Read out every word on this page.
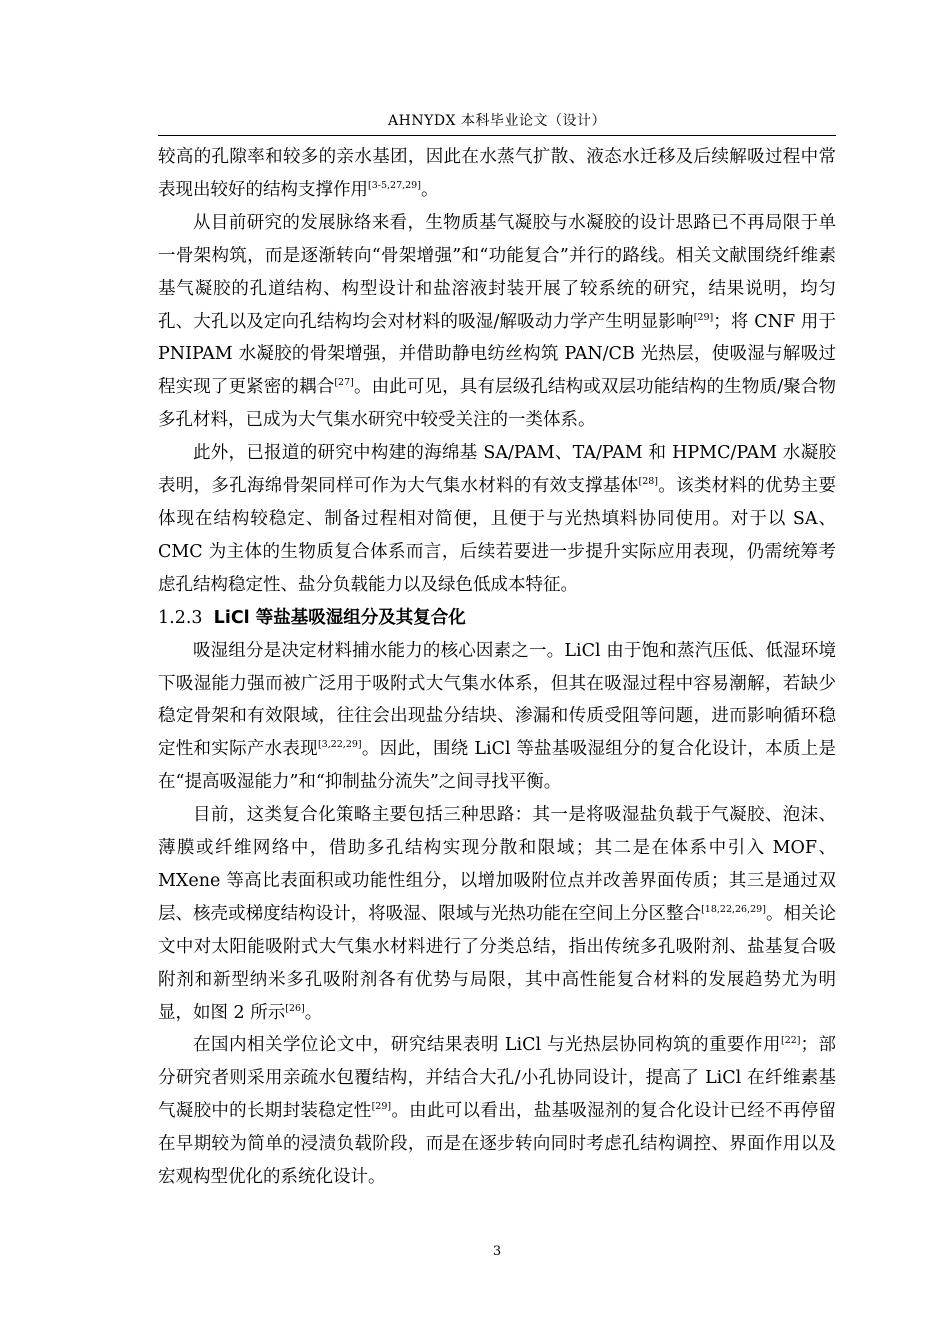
AHNYDX 本科毕业论文（设计）

较高的孔隙率和较多的亲水基团，因此在水蒸气扩散、液态水迁移及后续解吸过程中常表现出较好的结构支撑作用[3-5,27,29]。

从目前研究的发展脉络来看，生物质基气凝胶与水凝胶的设计思路已不再局限于单一骨架构筑，而是逐渐转向“骨架增强”和“功能复合”并行的路线。相关文献围绕纤维素基气凝胶的孔道结构、构型设计和盐溶液封装开展了较系统的研究，结果说明，均匀孔、大孔以及定向孔结构均会对材料的吸湿/解吸动力学产生明显影响[29]；将 CNF 用于 PNIPAM 水凝胶的骨架增强，并借助静电纺丝构筑 PAN/CB 光热层，使吸湿与解吸过程实现了更紧密的耦合[27]。由此可见，具有层级孔结构或双层功能结构的生物质/聚合物多孔材料，已成为大气集水研究中较受关注的一类体系。

此外，已报道的研究中构建的海绵基 SA/PAM、TA/PAM 和 HPMC/PAM 水凝胶表明，多孔海绵骨架同样可作为大气集水材料的有效支撑基体[28]。该类材料的优势主要体现在结构较稳定、制备过程相对简便，且便于与光热填料协同使用。对于以 SA、CMC 为主体的生物质复合体系而言，后续若要进一步提升实际应用表现，仍需统筹考虑孔结构稳定性、盐分负载能力以及绿色低成本特征。

1.2.3 LiCl 等盐基吸湿组分及其复合化

吸湿组分是决定材料捕水能力的核心因素之一。LiCl 由于饱和蒸汽压低、低湿环境下吸湿能力强而被广泛用于吸附式大气集水体系，但其在吸湿过程中容易潮解，若缺少稳定骨架和有效限域，往往会出现盐分结块、渗漏和传质受阻等问题，进而影响循环稳定性和实际产水表现[3,22,29]。因此，围绕 LiCl 等盐基吸湿组分的复合化设计，本质上是在“提高吸湿能力”和“抑制盐分流失”之间寻找平衡。

目前，这类复合化策略主要包括三种思路：其一是将吸湿盐负载于气凝胶、泡沫、薄膜或纤维网络中，借助多孔结构实现分散和限域；其二是在体系中引入 MOF、MXene 等高比表面积或功能性组分，以增加吸附位点并改善界面传质；其三是通过双层、核壳或梯度结构设计，将吸湿、限域与光热功能在空间上分区整合[18,22,26,29]。相关论文中对太阳能吸附式大气集水材料进行了分类总结，指出传统多孔吸附剂、盐基复合吸附剂和新型纳米多孔吸附剂各有优势与局限，其中高性能复合材料的发展趋势尤为明显，如图 2 所示[26]。

在国内相关学位论文中，研究结果表明 LiCl 与光热层协同构筑的重要作用[22]；部分研究者则采用亲疏水包覆结构，并结合大孔/小孔协同设计，提高了 LiCl 在纤维素基气凝胶中的长期封装稳定性[29]。由此可以看出，盐基吸湿剂的复合化设计已经不再停留在早期较为简单的浸渍负载阶段，而是在逐步转向同时考虑孔结构调控、界面作用以及宏观构型优化的系统化设计。

3
